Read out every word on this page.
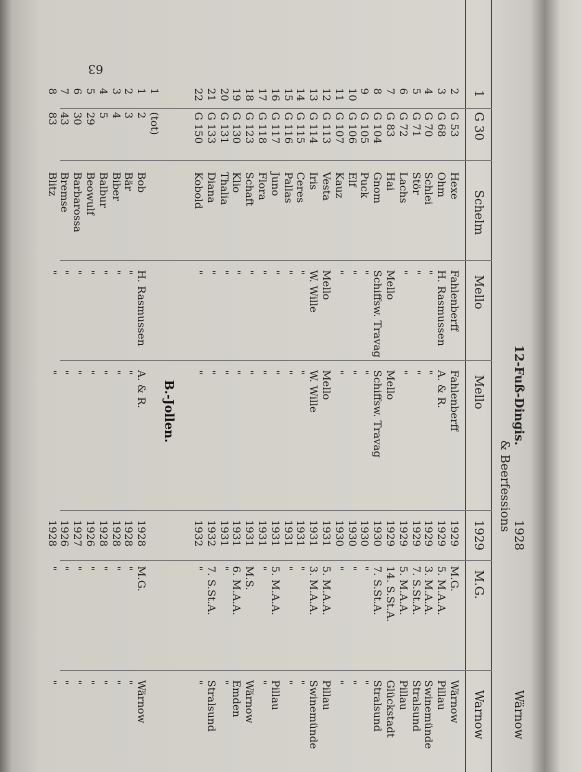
63
12-Fuß-Dingis.
& Beerfessions
1928
Wärnow
1
G 30
Schelm
Mello
Mello
1929
M.G.
Warnow
2
G 53
Hexe
Fahlenberff
Fahlenberff
1929
M.G.
Wärnow
3
G 68
Ohm
H. Rasmussen
A. & R.
1929
5. M.A.A.
Pillau
4
G 70
Schlei
"
"
1929
3. M.A.A.
Swinemünde
5
G 71
Stör
"
"
1929
7. S.St.A.
Stralsund
6
G 72
Lachs
"
"
1929
5. M.A.A.
Pillau
7
G 83
Hai
Mello
Mello
1929
14. S.St.A.
Glückstadt
8
G 104
Gnom
Schiffsw. Travag
Schiffsw. Travag
1930
7. S.St.A.
Stralsund
9
G 105
Puck
"
"
1930
"
"
10
G 106
Elf
"
"
1930
"
"
11
G 107
Kauz
"
"
1930
"
"
12
G 113
Vesta
Mello
Mello
1931
5. M.A.A.
Pillau
13
G 114
Iris
W. Wille
W. Wille
1931
3. M.A.A.
Swinemünde
14
G 115
Ceres
"
"
1931
"
"
15
G 116
Pallas
"
"
1931
"
"
16
G 117
Juno
"
"
1931
5. M.A.A.
Pillau
17
G 118
Flora
"
"
1931
"
"
18
G 123
Schaft
"
"
1931
M.S.
Wärnow
19
G 130
Klio
"
"
1931
6. M.A.A.
Emden
20
G 131
Thalia
"
"
1931
"
"
21
G 133
Diana
"
"
1932
7. S.St.A.
Stralsund
22
G 150
Kobold
"
"
1932
"
"
B.-Jollen.
1
(tot)
1
2
Bob
H. Rasmussen
A. & R.
1928
M.G.
Wärnow
2
3
Bär
"
"
1928
"
"
3
4
Biber
"
"
1928
"
"
4
5
Balbur
"
"
1928
"
"
5
29
Beowulf
"
"
1926
"
"
6
30
Barbarossa
"
"
1927
"
"
7
43
Bremse
"
"
1926
"
"
8
83
Blitz
"
"
1928
"
"
